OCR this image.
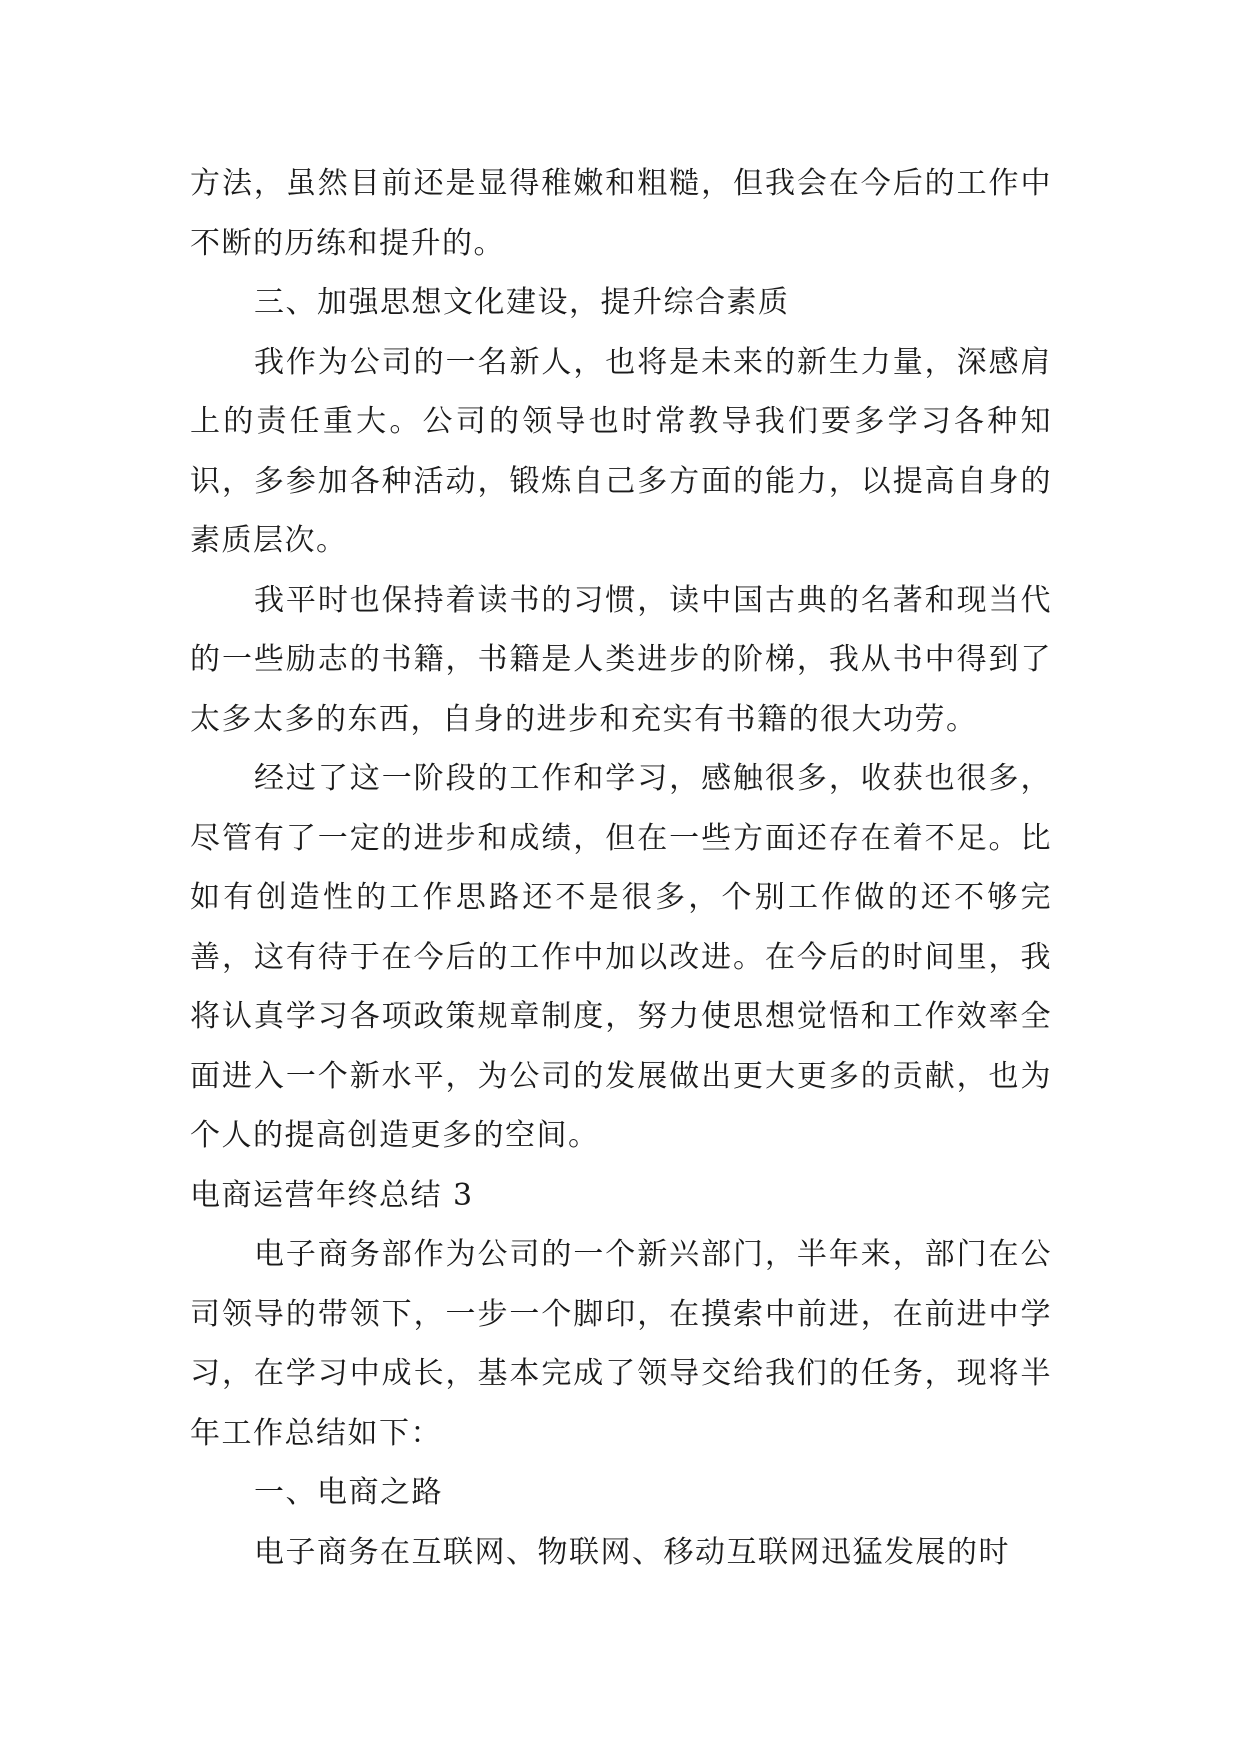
方法，虽然目前还是显得稚嫩和粗糙，但我会在今后的工作中不断的历练和提升的。

三、加强思想文化建设，提升综合素质

我作为公司的一名新人，也将是未来的新生力量，深感肩上的责任重大。公司的领导也时常教导我们要多学习各种知识，多参加各种活动，锻炼自己多方面的能力，以提高自身的素质层次。

我平时也保持着读书的习惯，读中国古典的名著和现当代的一些励志的书籍，书籍是人类进步的阶梯，我从书中得到了太多太多的东西，自身的进步和充实有书籍的很大功劳。

经过了这一阶段的工作和学习，感触很多，收获也很多，尽管有了一定的进步和成绩，但在一些方面还存在着不足。比如有创造性的工作思路还不是很多，个别工作做的还不够完善，这有待于在今后的工作中加以改进。在今后的时间里，我将认真学习各项政策规章制度，努力使思想觉悟和工作效率全面进入一个新水平，为公司的发展做出更大更多的贡献，也为个人的提高创造更多的空间。

电商运营年终总结 3

电子商务部作为公司的一个新兴部门，半年来，部门在公司领导的带领下，一步一个脚印，在摸索中前进，在前进中学习，在学习中成长，基本完成了领导交给我们的任务，现将半年工作总结如下：

一、电商之路

电子商务在互联网、物联网、移动互联网迅猛发展的时
